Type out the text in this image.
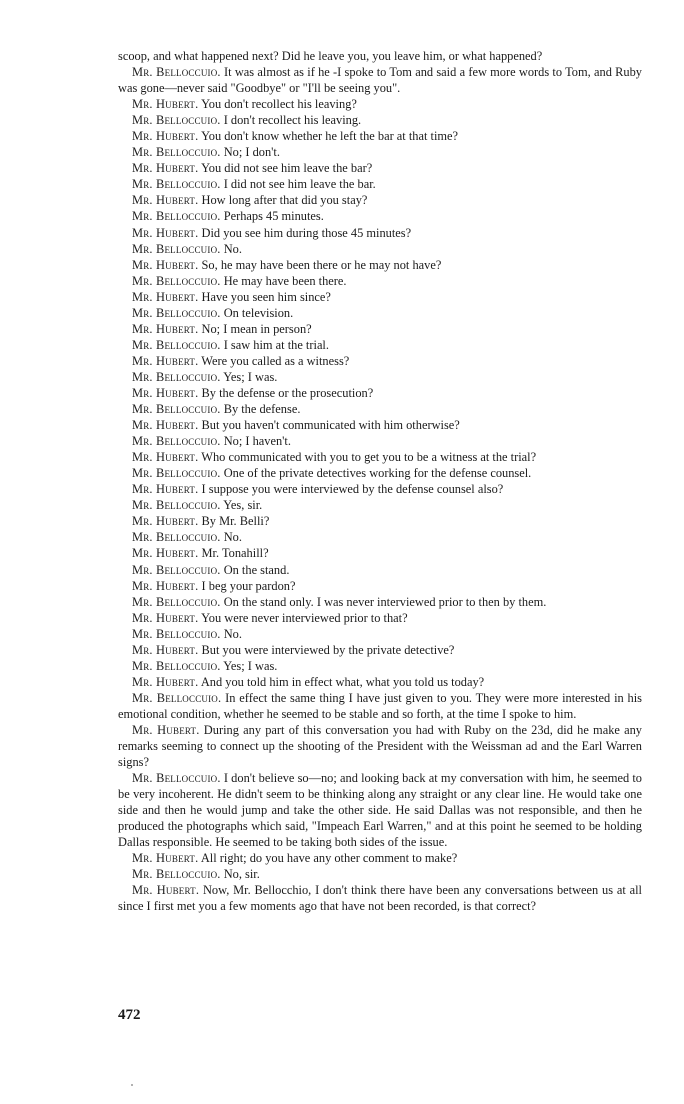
scoop, and what happened next? Did he leave you, you leave him, or what happened?

Mr. Belloccuio. It was almost as if he -I spoke to Tom and said a few more words to Tom, and Ruby was gone—never said "Goodbye" or "I'll be seeing you".

Mr. Hubert. You don't recollect his leaving?

Mr. Belloccuio. I don't recollect his leaving.

Mr. Hubert. You don't know whether he left the bar at that time?

Mr. Belloccuio. No; I don't.

Mr. Hubert. You did not see him leave the bar?

Mr. Belloccuio. I did not see him leave the bar.

Mr. Hubert. How long after that did you stay?

Mr. Belloccuio. Perhaps 45 minutes.

Mr. Hubert. Did you see him during those 45 minutes?

Mr. Belloccuio. No.

Mr. Hubert. So, he may have been there or he may not have?

Mr. Belloccuio. He may have been there.

Mr. Hubert. Have you seen him since?

Mr. Belloccuio. On television.

Mr. Hubert. No; I mean in person?

Mr. Belloccuio. I saw him at the trial.

Mr. Hubert. Were you called as a witness?

Mr. Belloccuio. Yes; I was.

Mr. Hubert. By the defense or the prosecution?

Mr. Belloccuio. By the defense.

Mr. Hubert. But you haven't communicated with him otherwise?

Mr. Belloccuio. No; I haven't.

Mr. Hubert. Who communicated with you to get you to be a witness at the trial?

Mr. Belloccuio. One of the private detectives working for the defense counsel.

Mr. Hubert. I suppose you were interviewed by the defense counsel also?

Mr. Belloccuio. Yes, sir.

Mr. Hubert. By Mr. Belli?

Mr. Belloccuio. No.

Mr. Hubert. Mr. Tonahill?

Mr. Belloccuio. On the stand.

Mr. Hubert. I beg your pardon?

Mr. Belloccuio. On the stand only. I was never interviewed prior to then by them.

Mr. Hubert. You were never interviewed prior to that?

Mr. Belloccuio. No.

Mr. Hubert. But you were interviewed by the private detective?

Mr. Belloccuio. Yes; I was.

Mr. Hubert. And you told him in effect what, what you told us today?

Mr. Belloccuio. In effect the same thing I have just given to you. They were more interested in his emotional condition, whether he seemed to be stable and so forth, at the time I spoke to him.

Mr. Hubert. During any part of this conversation you had with Ruby on the 23d, did he make any remarks seeming to connect up the shooting of the President with the Weissman ad and the Earl Warren signs?

Mr. Belloccuio. I don't believe so—no; and looking back at my conversation with him, he seemed to be very incoherent. He didn't seem to be thinking along any straight or any clear line. He would take one side and then he would jump and take the other side. He said Dallas was not responsible, and then he produced the photographs which said, "Impeach Earl Warren," and at this point he seemed to be holding Dallas responsible. He seemed to be taking both sides of the issue.

Mr. Hubert. All right; do you have any other comment to make?

Mr. Belloccuio. No, sir.

Mr. Hubert. Now, Mr. Bellocchio, I don't think there have been any conversations between us at all since I first met you a few moments ago that have not been recorded, is that correct?

472
